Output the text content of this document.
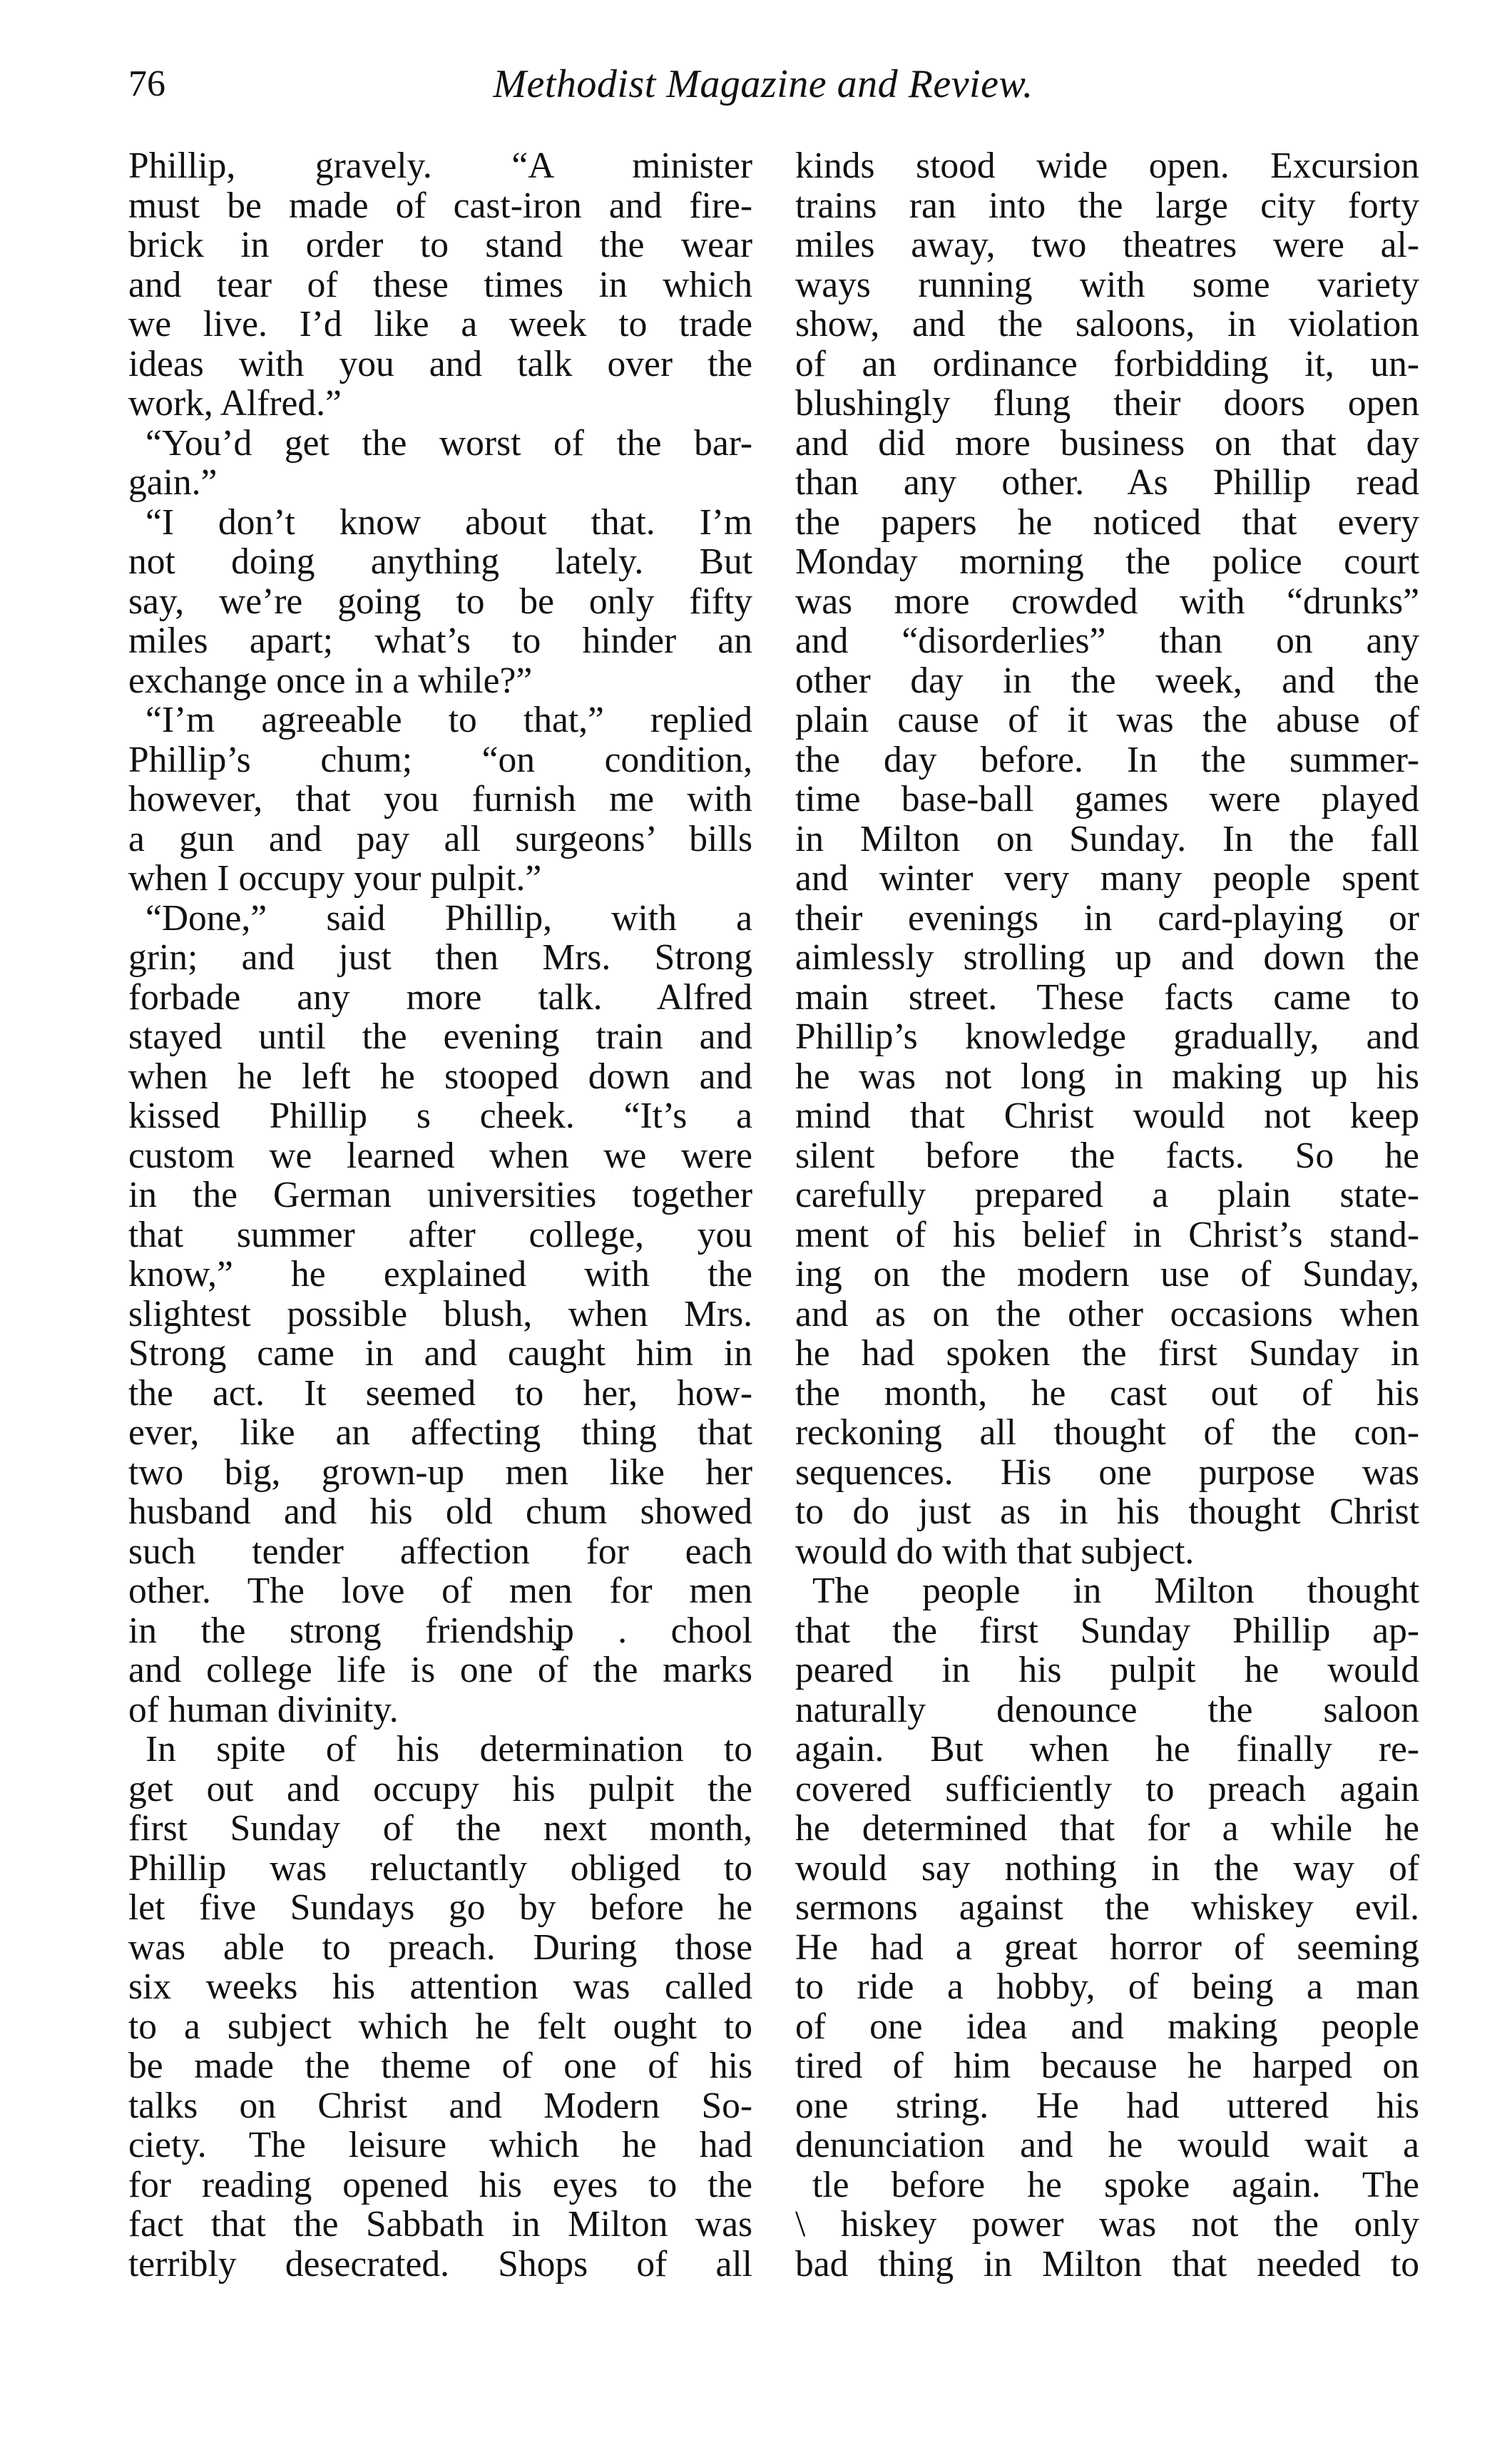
76	Methodist Magazine and Review.
Phillip, gravely. “A minister
must be made of cast-iron and fire-
brick in order to stand the wear
and tear of these times in which
we live. I’d like a week to trade
ideas with you and talk over the
work, Alfred.”
“You’d get the worst of the bar-
gain.”
“I don’t know about that. I’m
not doing anything lately. But
say, we’re going to be only fifty
miles apart; what’s to hinder an
exchange once in a while?”
“I’m agreeable to that,” replied
Phillip’s chum; “on condition,
however, that you furnish me with
a gun and pay all surgeons’ bills
when I occupy your pulpit.”
“Done,” said Phillip, with a
grin; and just then Mrs. Strong
forbade any more talk. Alfred
stayed until the evening train and
when he left he stooped down and
kissed Phillip s cheek. “It’s a
custom we learned when we were
in the German universities together
that summer after college, you
know,” he explained with the
slightest possible blush, when Mrs.
Strong came in and caught him in
the act. It seemed to her, how-
ever, like an affecting thing that
two big, grown-up men like her
husband and his old chum showed
such tender affection for each
other. The love of men for men
in the strong friendshi̧p . chool
and college life is one of the marks
of human divinity.
In spite of his determination to
get out and occupy his pulpit the
first Sunday of the next month,
Phillip was reluctantly obliged to
let five Sundays go by before he
was able to preach. During those
six weeks his attention was called
to a subject which he felt ought to
be made the theme of one of his
talks on Christ and Modern So-
ciety. The leisure which he had
for reading opened his eyes to the
fact that the Sabbath in Milton was
terribly desecrated. Shops of all
kinds stood wide open. Excursion
trains ran into the large city forty
miles away, two theatres were al-
ways running with some variety
show, and the saloons, in violation
of an ordinance forbidding it, un-
blushingly flung their doors open
and did more business on that day
than any other. As Phillip read
the papers he noticed that every
Monday morning the police court
was more crowded with “drunks”
and “disorderlies” than on any
other day in the week, and the
plain cause of it was the abuse of
the day before. In the summer-
time base-ball games were played
in Milton on Sunday. In the fall
and winter very many people spent
their evenings in card-playing or
aimlessly strolling up and down the
main street. These facts came to
Phillip’s knowledge gradually, and
he was not long in making up his
mind that Christ would not keep
silent before the facts. So he
carefully prepared a plain state-
ment of his belief in Christ’s stand-
ing on the modern use of Sunday,
and as on the other occasions when
he had spoken the first Sunday in
the month, he cast out of his
reckoning all thought of the con-
sequences. His one purpose was
to do just as in his thought Christ
would do with that subject.
The people in Milton thought
that the first Sunday Phillip ap-
peared in his pulpit he would
naturally denounce the saloon
again. But when he finally re-
covered sufficiently to preach again
he determined that for a while he
would say nothing in the way of
sermons against the whiskey evil.
He had a great horror of seeming
to ride a hobby, of being a man
of one idea and making people
tired of him because he harped on
one string. He had uttered his
denunciation and he would wait a
tle before he spoke again. The
\ hiskey power was not the only
bad thing in Milton that needed to
